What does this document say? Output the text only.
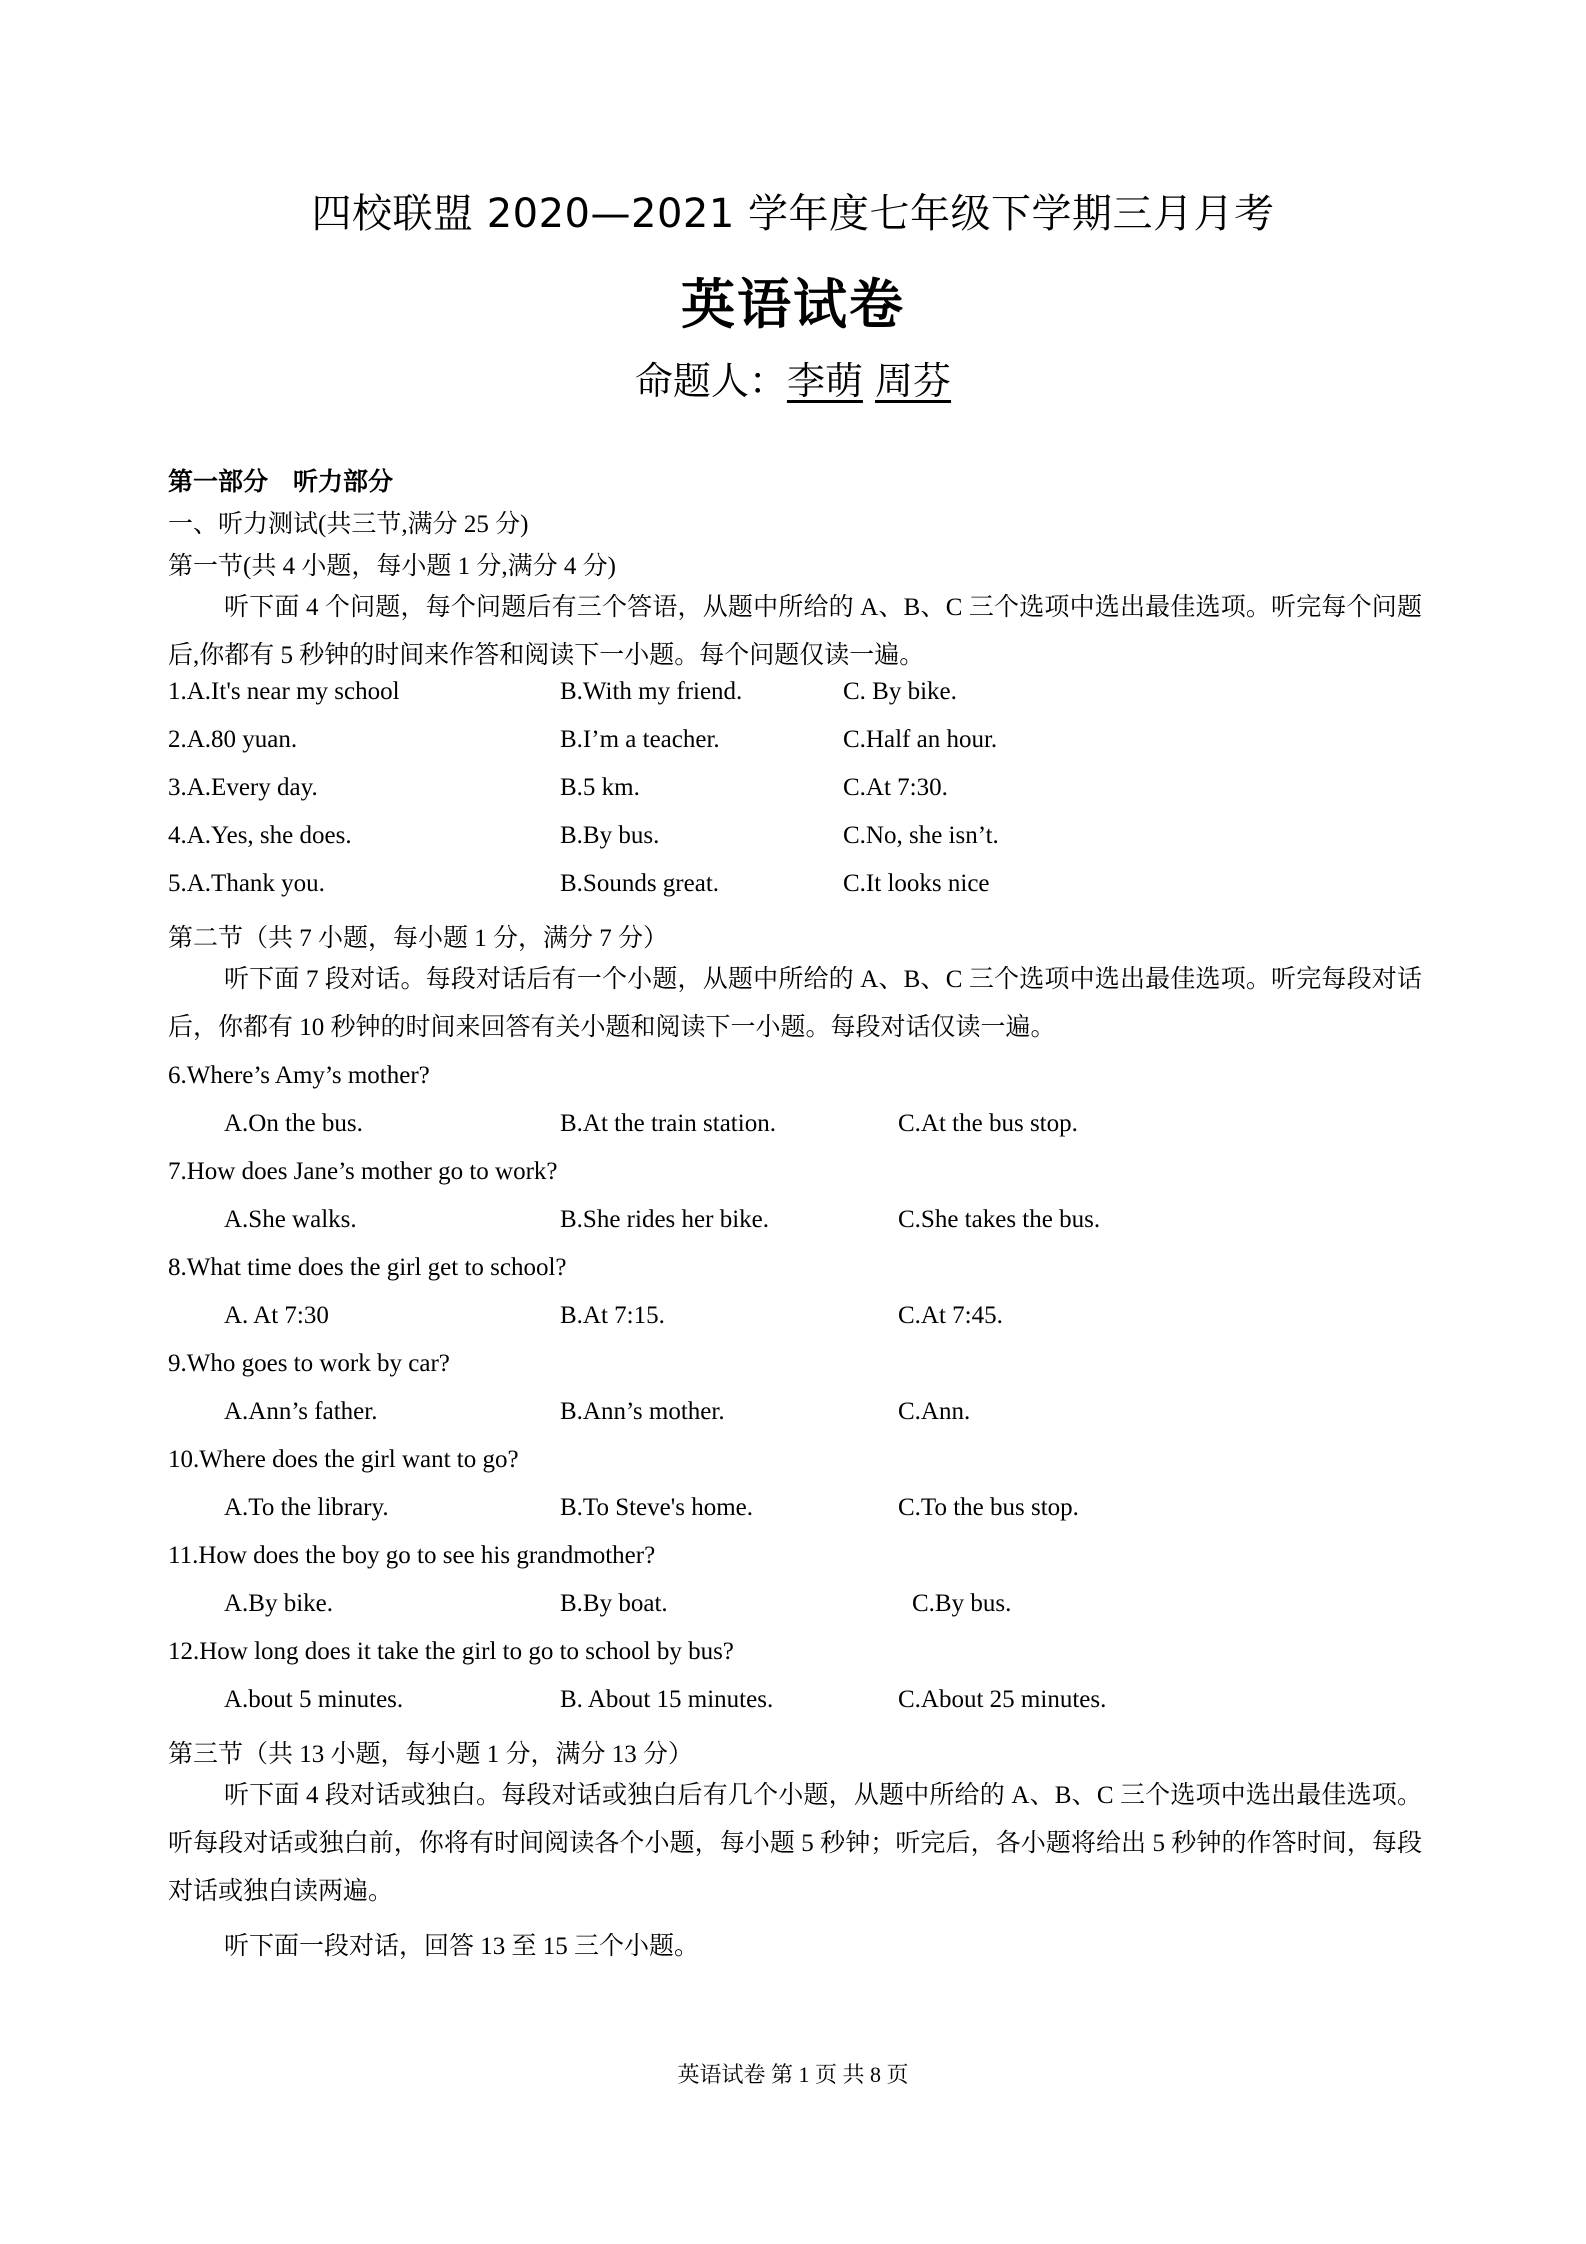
四校联盟 2020—2021 学年度七年级下学期三月月考
英语试卷
命题人：李萌 周芬
第一部分　听力部分
一、听力测试(共三节,满分 25 分)
第一节(共 4 小题，每小题 1 分,满分 4 分)
听下面 4 个问题，每个问题后有三个答语，从题中所给的 A、B、C 三个选项中选出最佳选项。听完每个问题后,你都有 5 秒钟的时间来作答和阅读下一小题。每个问题仅读一遍。
1.A.It's near my school	B.With my friend.	C. By bike.
2.A.80 yuan.	B.I’m a teacher.	C.Half an hour.
3.A.Every day.	B.5 km.	C.At 7:30.
4.A.Yes, she does.	B.By bus.	C.No, she isn’t.
5.A.Thank you.	B.Sounds great.	C.It looks nice
第二节（共 7 小题，每小题 1 分，满分 7 分）
听下面 7 段对话。每段对话后有一个小题，从题中所给的 A、B、C 三个选项中选出最佳选项。听完每段对话后，你都有 10 秒钟的时间来回答有关小题和阅读下一小题。每段对话仅读一遍。
6.Where’s Amy’s mother?
A.On the bus.	B.At the train station.	C.At the bus stop.
7.How does Jane’s mother go to work?
A.She walks.	B.She rides her bike.	C.She takes the bus.
8.What time does the girl get to school?
A. At 7:30	B.At 7:15.	C.At 7:45.
9.Who goes to work by car?
A.Ann’s father.	B.Ann’s mother.	C.Ann.
10.Where does the girl want to go?
A.To the library.	B.To Steve's home.	C.To the bus stop.
11.How does the boy go to see his grandmother?
A.By bike.	B.By boat.	C.By bus.
12.How long does it take the girl to go to school by bus?
A.bout 5 minutes.	B. About 15 minutes.	C.About 25 minutes.
第三节（共 13 小题，每小题 1 分，满分 13 分）
听下面 4 段对话或独白。每段对话或独白后有几个小题，从题中所给的 A、B、C 三个选项中选出最佳选项。听每段对话或独白前，你将有时间阅读各个小题，每小题 5 秒钟；听完后，各小题将给出 5 秒钟的作答时间，每段对话或独白读两遍。
听下面一段对话，回答 13 至 15 三个小题。
英语试卷 第 1 页 共 8 页
